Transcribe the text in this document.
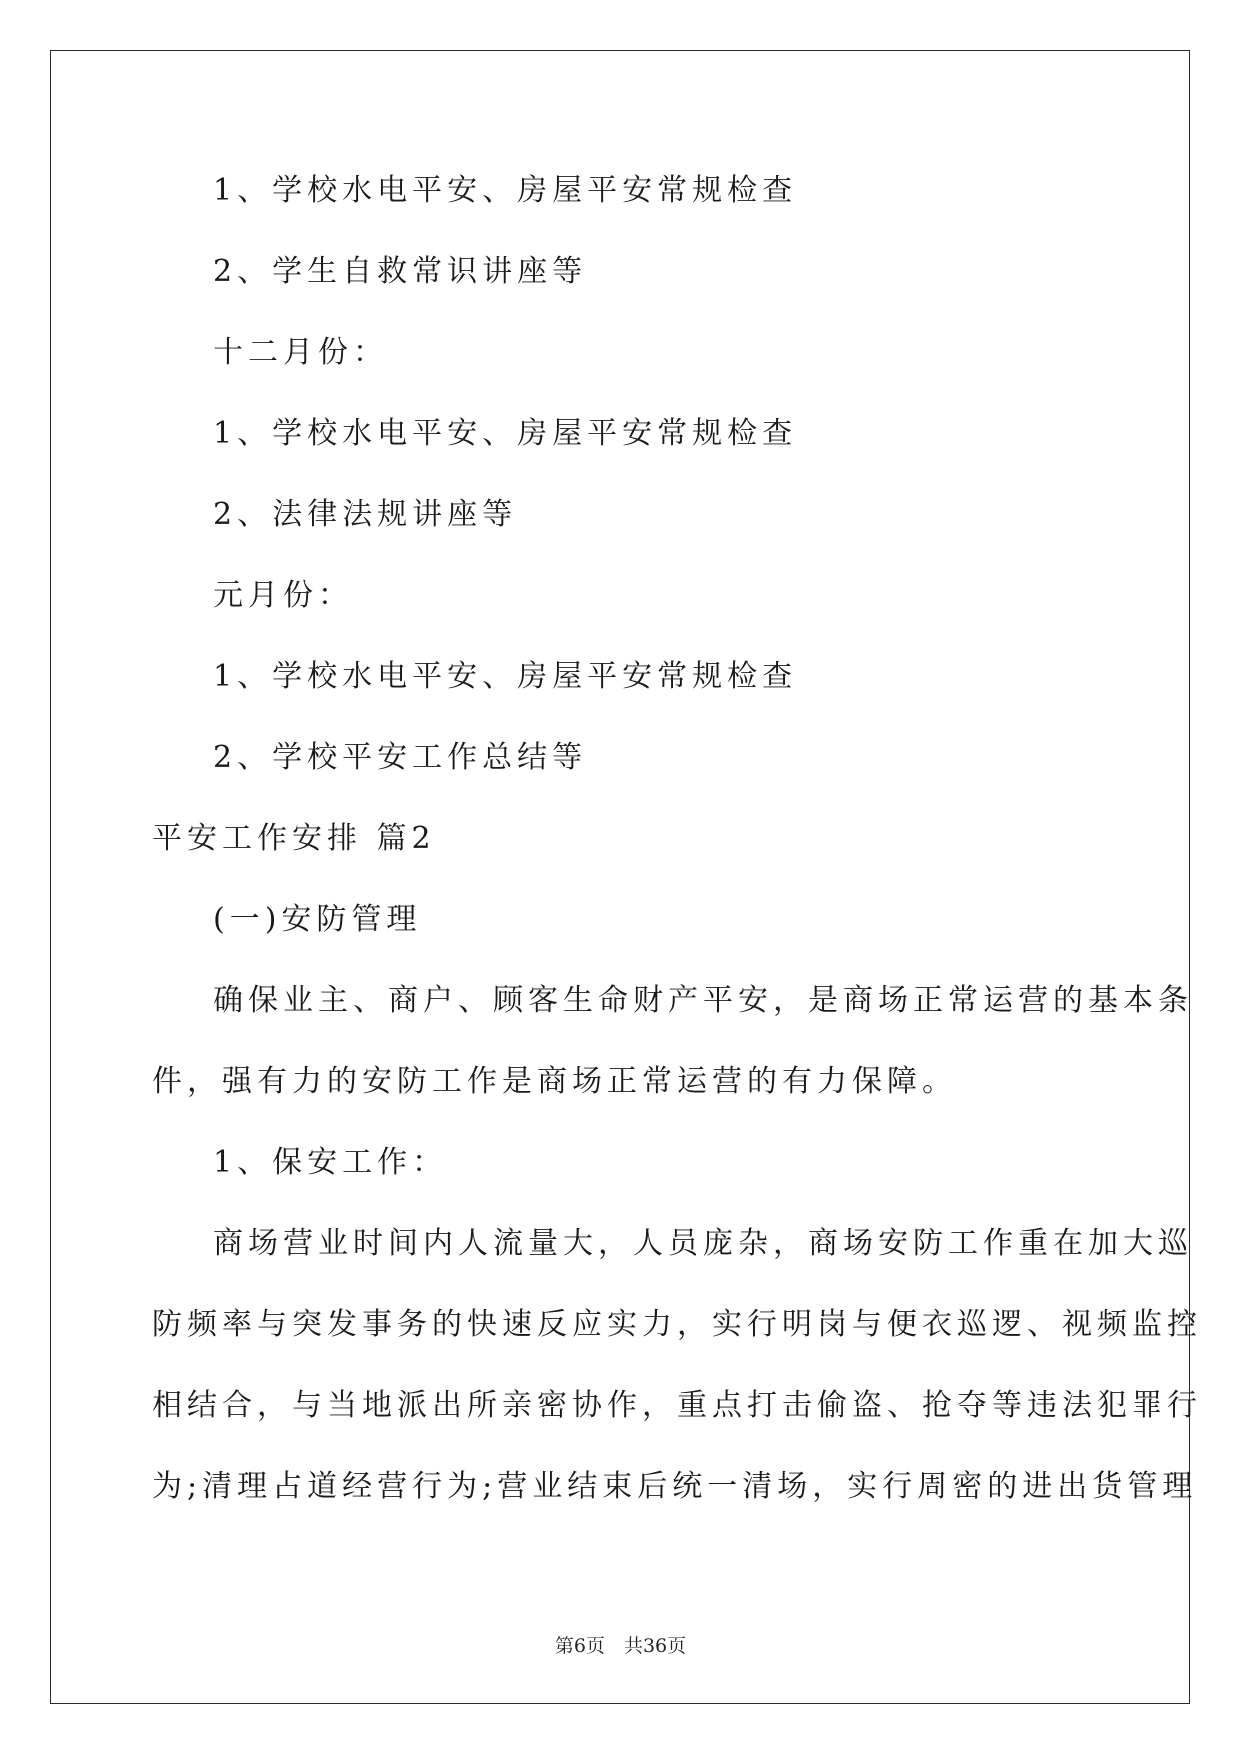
1、学校水电平安、房屋平安常规检查
2、学生自救常识讲座等
十二月份：
1、学校水电平安、房屋平安常规检查
2、法律法规讲座等
元月份：
1、学校水电平安、房屋平安常规检查
2、学校平安工作总结等
平安工作安排 篇2
(一)安防管理
确保业主、商户、顾客生命财产平安，是商场正常运营的基本条
件，强有力的安防工作是商场正常运营的有力保障。
1、保安工作：
商场营业时间内人流量大，人员庞杂，商场安防工作重在加大巡
防频率与突发事务的快速反应实力，实行明岗与便衣巡逻、视频监控
相结合，与当地派出所亲密协作，重点打击偷盗、抢夺等违法犯罪行
为;清理占道经营行为;营业结束后统一清场，实行周密的进出货管理
第6页　共36页
